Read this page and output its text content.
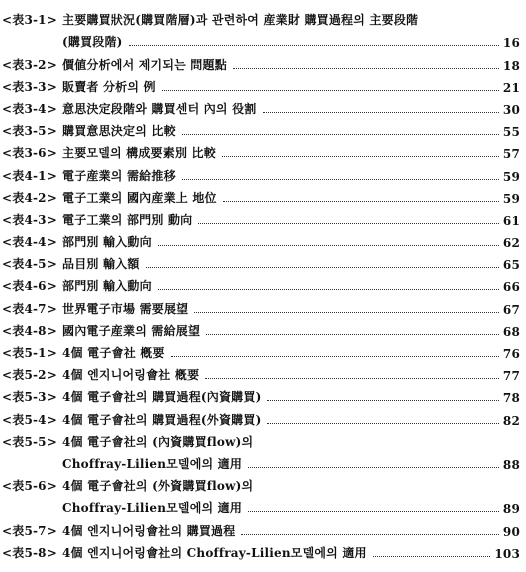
<表3-1> 主要購買狀況(購買階層)과 관련하여 産業財 購買過程의 主要段階
(購買段階)	16
<表3-2> 價値分析에서 제기되는 問題點	18
<表3-3> 販賣者 分析의 例	21
<表3-4> 意思決定段階와 購買센터 內의 役割	30
<表3-5> 購買意思決定의 比較	55
<表3-6> 主要모델의 構成要素別 比較	57
<表4-1> 電子産業의 需給推移	59
<表4-2> 電子工業의 國內産業上 地位	59
<表4-3> 電子工業의 部門別 動向	61
<表4-4> 部門別 輸入動向	62
<表4-5> 品目別 輸入額	65
<表4-6> 部門別 輸入動向	66
<表4-7> 世界電子市場 需要展望	67
<表4-8> 國內電子産業의 需給展望	68
<表5-1> 4個 電子會社 槪要	76
<表5-2> 4個 엔지니어링會社 槪要	77
<表5-3> 4個 電子會社의 購買過程(內資購買)	78
<表5-4> 4個 電子會社의 購買過程(外資購買)	82
<表5-5> 4個 電子會社의 (內資購買flow)의
Choffray-Lilien모델에의 適用	88
<表5-6> 4個 電子會社의 (外資購買flow)의
Choffray-Lilien모델에의 適用	89
<表5-7> 4個 엔지니어링會社의 購買過程	90
<表5-8> 4個 엔지니어링會社의 Choffray-Lilien모델에의 適用	103
